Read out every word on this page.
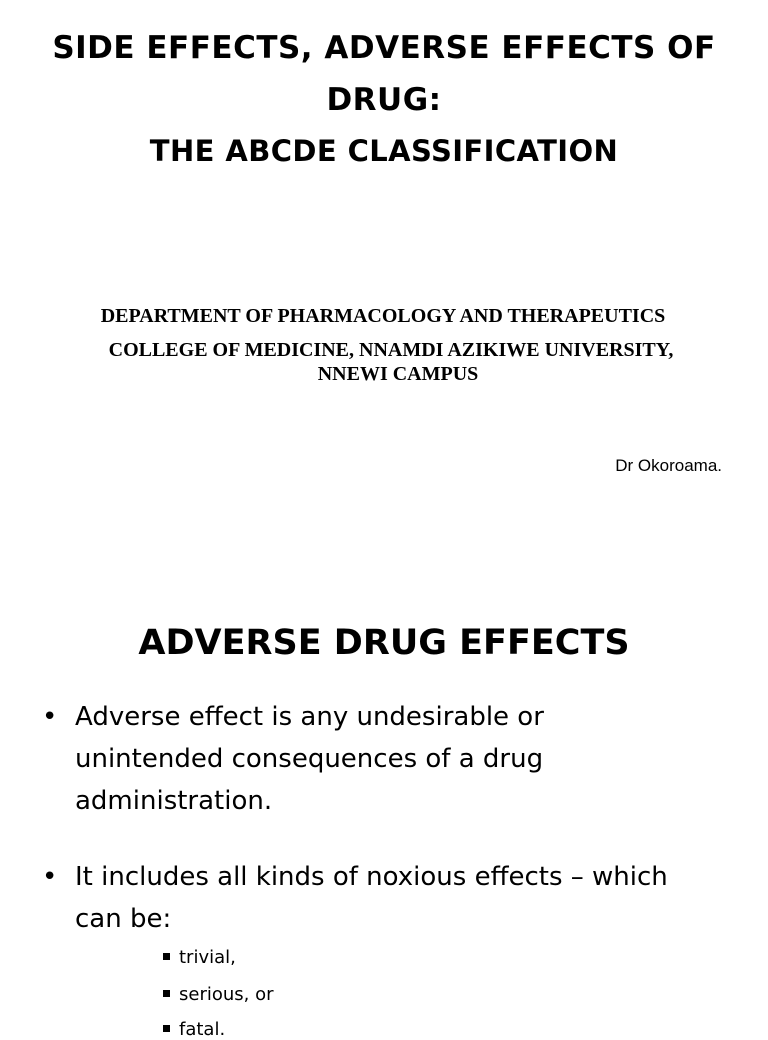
SIDE EFFECTS, ADVERSE EFFECTS OF
DRUG:
THE ABCDE CLASSIFICATION
DEPARTMENT OF PHARMACOLOGY AND THERAPEUTICS
COLLEGE OF MEDICINE, NNAMDI AZIKIWE UNIVERSITY,
NNEWI CAMPUS
Dr Okoroama.
ADVERSE DRUG EFFECTS
• Adverse effect is any undesirable or
unintended consequences of a drug
administration.
• It includes all kinds of noxious effects – which
can be:
trivial,
serious, or
fatal.
